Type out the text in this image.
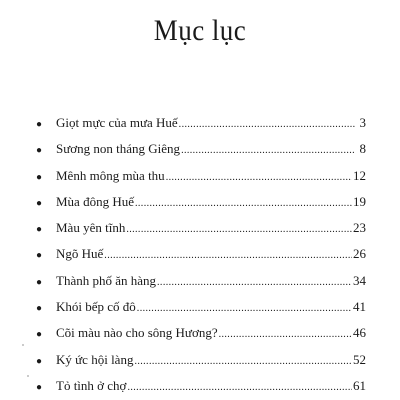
Mục lục
●	Giọt mực của mưa Huế .....	3
●	Sương non tháng Giêng .....	8
●	Mênh mông mùa thu .....	12
●	Mùa đông Huế .....	19
●	Màu yên tĩnh .....	23
●	Ngõ Huế .....	26
●	Thành phố ăn hàng .....	34
●	Khói bếp cố đô .....	41
●	Cõi màu nào cho sông Hương? .....	46
●	Ký ức hội làng .....	52
●	Tỏ tình ở chợ .....	61
